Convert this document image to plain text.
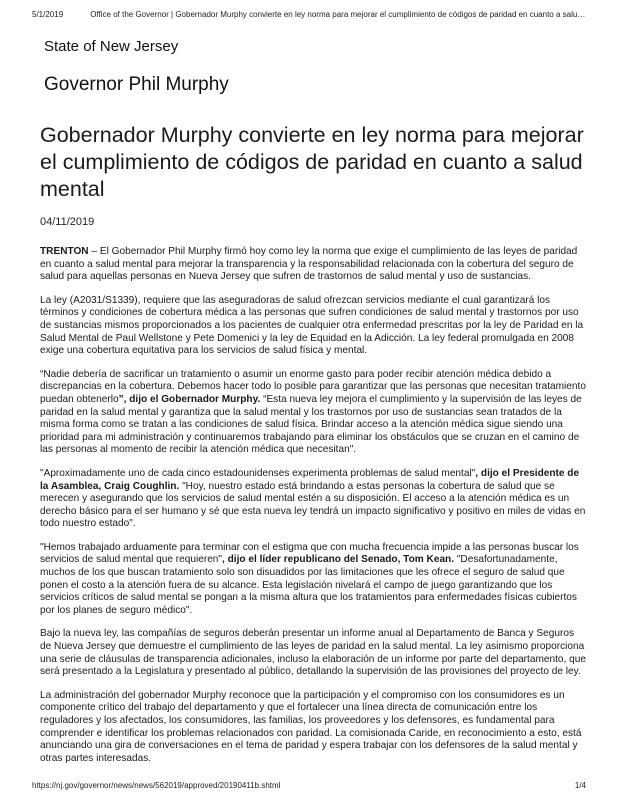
5/1/2019	Office of the Governor | Gobernador Murphy convierte en ley norma para mejorar el cumplimiento de códigos de paridad en cuanto a salu…
State of New Jersey
Governor Phil Murphy
Gobernador Murphy convierte en ley norma para mejorar el cumplimiento de códigos de paridad en cuanto a salud mental
04/11/2019

TRENTON – El Gobernador Phil Murphy firmó hoy como ley la norma que exige el cumplimiento de las leyes de paridad en cuanto a salud mental para mejorar la transparencia y la responsabilidad relacionada con la cobertura del seguro de salud para aquellas personas en Nueva Jersey que sufren de trastornos de salud mental y uso de sustancias.

La ley (A2031/S1339), requiere que las aseguradoras de salud ofrezcan servicios mediante el cual garantizará los términos y condiciones de cobertura médica a las personas que sufren condiciones de salud mental y trastornos por uso de sustancias mismos proporcionados a los pacientes de cualquier otra enfermedad prescritas por la ley de Paridad en la Salud Mental de Paul Wellstone y Pete Domenici y la ley de Equidad en la Adicción. La ley federal promulgada en 2008 exige una cobertura equitativa para los servicios de salud física y mental.

“Nadie debería de sacrificar un tratamiento o asumir un enorme gasto para poder recibir atención médica debido a discrepancias en la cobertura. Debemos hacer todo lo posible para garantizar que las personas que necesitan tratamiento puedan obtenerlo”, dijo el Gobernador Murphy. “Esta nueva ley mejora el cumplimiento y la supervisión de las leyes de paridad en la salud mental y garantiza que la salud mental y los trastornos por uso de sustancias sean tratados de la misma forma como se tratan a las condiciones de salud física. Brindar acceso a la atención médica sigue siendo una prioridad para mi administración y continuaremos trabajando para eliminar los obstáculos que se cruzan en el camino de las personas al momento de recibir la atención médica que necesitan".

"Aproximadamente uno de cada cinco estadounidenses experimenta problemas de salud mental", dijo el Presidente de la Asamblea, Craig Coughlin. "Hoy, nuestro estado está brindando a estas personas la cobertura de salud que se merecen y asegurando que los servicios de salud mental estén a su disposición. El acceso a la atención médica es un derecho básico para el ser humano y sé que esta nueva ley tendrá un impacto significativo y positivo en miles de vidas en todo nuestro estado".

"Hemos trabajado arduamente para terminar con el estigma que con mucha frecuencia impide a las personas buscar los servicios de salud mental que requieren", dijo el líder republicano del Senado, Tom Kean. "Desafortunadamente, muchos de los que buscan tratamiento solo son disuadidos por las limitaciones que les ofrece el seguro de salud que ponen el costo a la atención fuera de su alcance. Esta legislación nivelará el campo de juego garantizando que los servicios críticos de salud mental se pongan a la misma altura que los tratamientos para enfermedades físicas cubiertos por los planes de seguro médico".

Bajo la nueva ley, las compañías de seguros deberán presentar un informe anual al Departamento de Banca y Seguros de Nueva Jersey que demuestre el cumplimiento de las leyes de paridad en la salud mental. La ley asimismo proporciona una serie de cláusulas de transparencia adicionales, incluso la elaboración de un informe por parte del departamento, que será presentado a la Legislatura y presentado al público, detallando la supervisión de las provisiones del proyecto de ley.

La administración del gobernador Murphy reconoce que la participación y el compromiso con los consumidores es un componente crítico del trabajo del departamento y que el fortalecer una línea directa de comunicación entre los reguladores y los afectados, los consumidores, las familias, los proveedores y los defensores, es fundamental para comprender e identificar los problemas relacionados con paridad. La comisionada Caride, en reconocimiento a esto, está anunciando una gira de conversaciones en el tema de paridad y espera trabajar con los defensores de la salud mental y otras partes interesadas.

https://nj.gov/governor/news/news/562019/approved/20190411b.shtml	1/4
